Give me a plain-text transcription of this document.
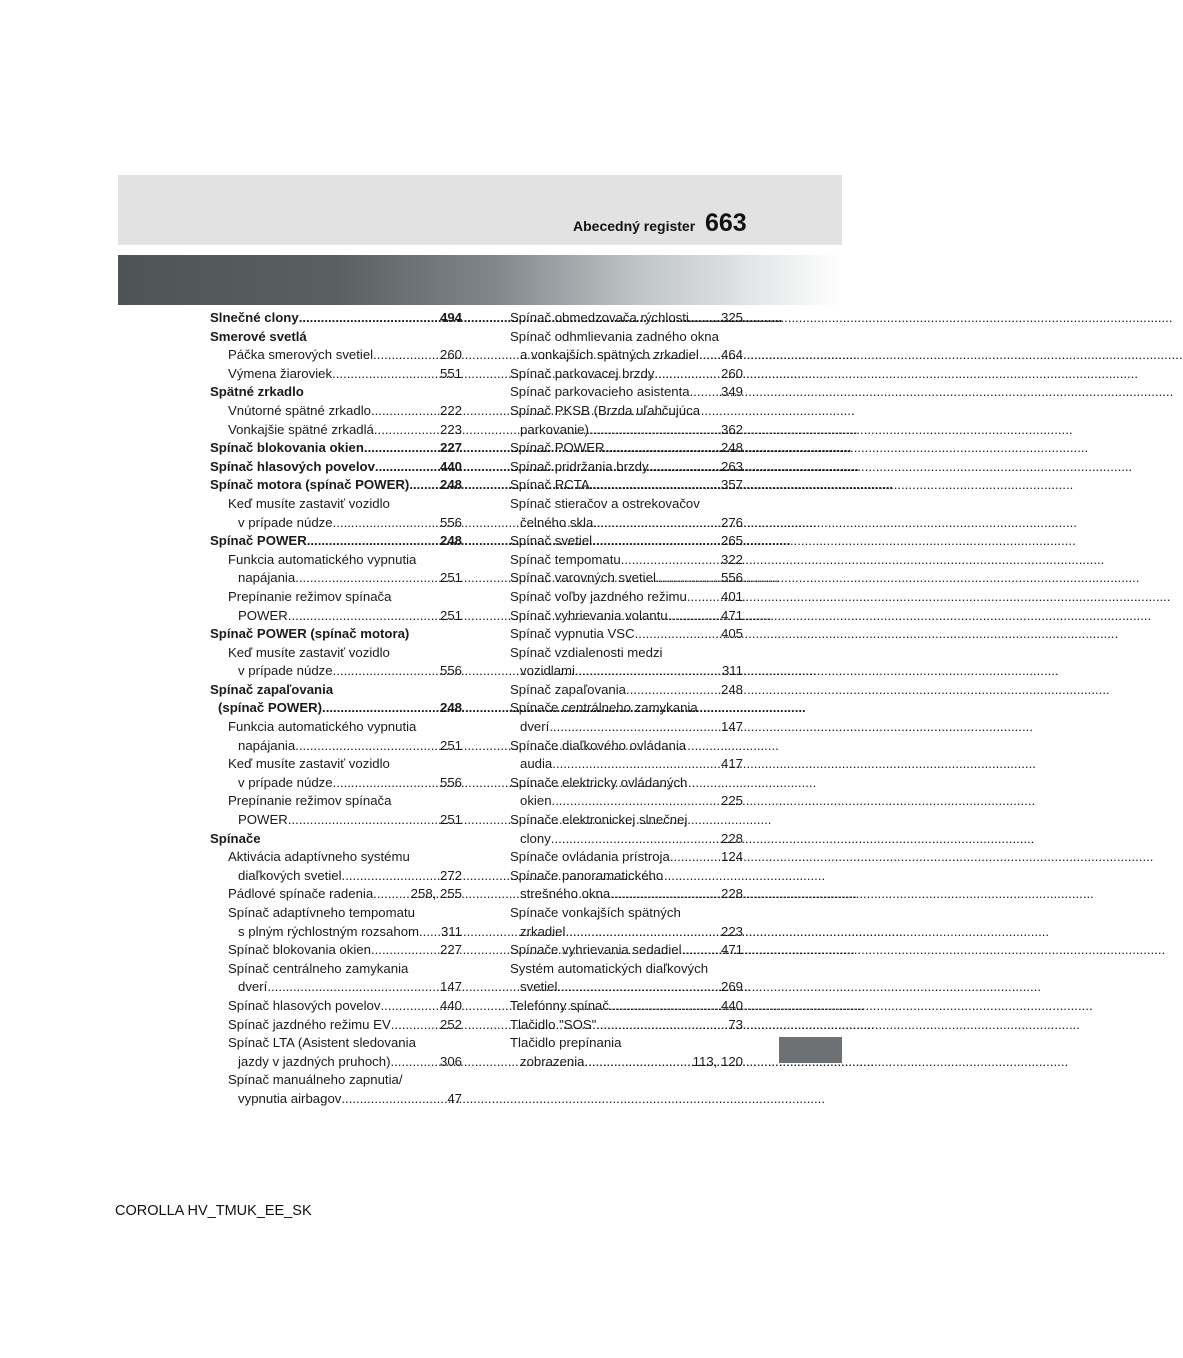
Abecedný register 663
Slnečné clony .....	494
Smerové svetlá
Páčka smerových svetiel .....	260
Výmena žiaroviek .....	551
Spätné zrkadlo
Vnútorné spätné zrkadlo .....	222
Vonkajšie spätné zrkadlá .....	223
Spínač blokovania okien. .....	227
Spínač hlasových povelov .....	440
Spínač motora (spínač POWER) ..... 248
Keď musíte zastaviť vozidlo
v prípade núdze .....	556
Spínač POWER .....	248
Funkcia automatického vypnutia
napájania .....	251
Prepínanie režimov spínača
POWER .....	251
Spínač POWER (spínač motora)
Keď musíte zastaviť vozidlo
v prípade núdze .....	556
Spínač zapaľovania
(spínač POWER) .....	248
Funkcia automatického vypnutia
napájania .....	251
Keď musíte zastaviť vozidlo
v prípade núdze .....	556
Prepínanie režimov spínača
POWER .....	251
Spínače
Aktivácia adaptívneho systému
diaľkových svetiel .....	272
Pádlové spínače radenia .....	258, 255
Spínač adaptívneho tempomatu
s plným rýchlostným rozsahom ..... 311
Spínač blokovania okien .....	227
Spínač centrálneho zamykania
dverí .....	147
Spínač hlasových povelov .....	440
Spínač jazdného režimu EV .....	252
Spínač LTA (Asistent sledovania
jazdy v jazdných pruhoch) .....	306
Spínač manuálneho zapnutia/
vypnutia airbagov .....	47
Spínač obmedzovača rýchlosti ..... 325
Spínač odhmlievania zadného okna
a vonkajších spätných zrkadiel ..... 464
Spínač parkovacej brzdy .....	260
Spínač parkovacieho asistenta ..... 349
Spínač PKSB (Brzda uľahčujúca
parkovanie) .....	362
Spínač POWER .....	248
Spínač pridržania brzdy .....	263
Spínač RCTA .....	357
Spínač stieračov a ostrekovačov
čelného skla .....	276
Spínač svetiel .....	265
Spínač tempomatu .....	322
Spínač varovných svetiel .....	556
Spínač voľby jazdného režimu .....	401
Spínač vyhrievania volantu .....	471
Spínač vypnutia VSC .....	405
Spínač vzdialenosti medzi
vozidlami .....	311
Spínač zapaľovania .....	248
Spínače centrálneho zamykania
dverí .....	147
Spínače diaľkového ovládania
audia .....	417
Spínače elektricky ovládaných
okien .....	225
Spínače elektronickej slnečnej
clony .....	228
Spínače ovládania prístroja .....	124
Spínače panoramatického
strešného okna .....	228
Spínače vonkajších spätných
zrkadiel .....	223
Spínače vyhrievania sedadiel .....	471
Systém automatických diaľkových
svetiel .....	269
Telefónny spínač .....	440
Tlačidlo "SOS" .....	73
Tlačidlo prepínania
zobrazenia .....	113, 120
COROLLA HV_TMUK_EE_SK
